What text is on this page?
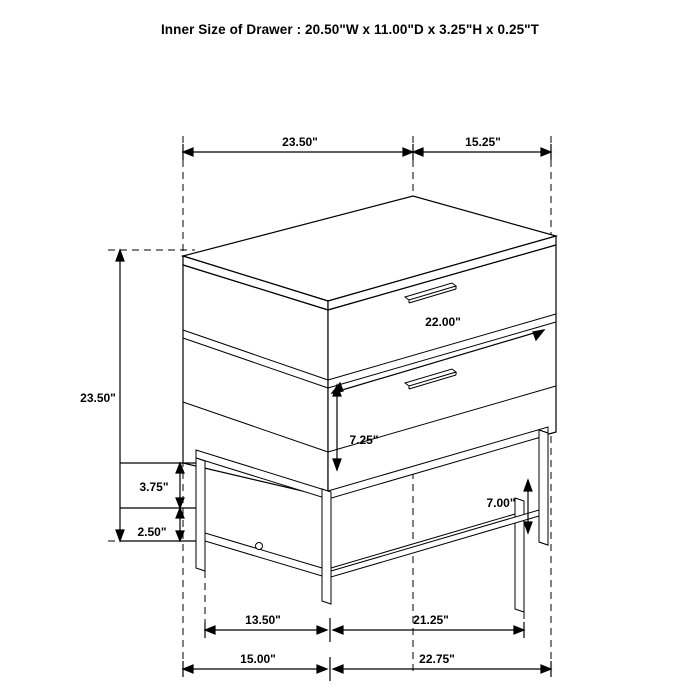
Inner Size of Drawer : 20.50"W x 11.00"D x 3.25"H x 0.25"T
23.50"	15.25"
23.50"
22.00"
7.25"
3.75"
2.50"
7.00"
13.50"	21.25"
15.00"	22.75"
